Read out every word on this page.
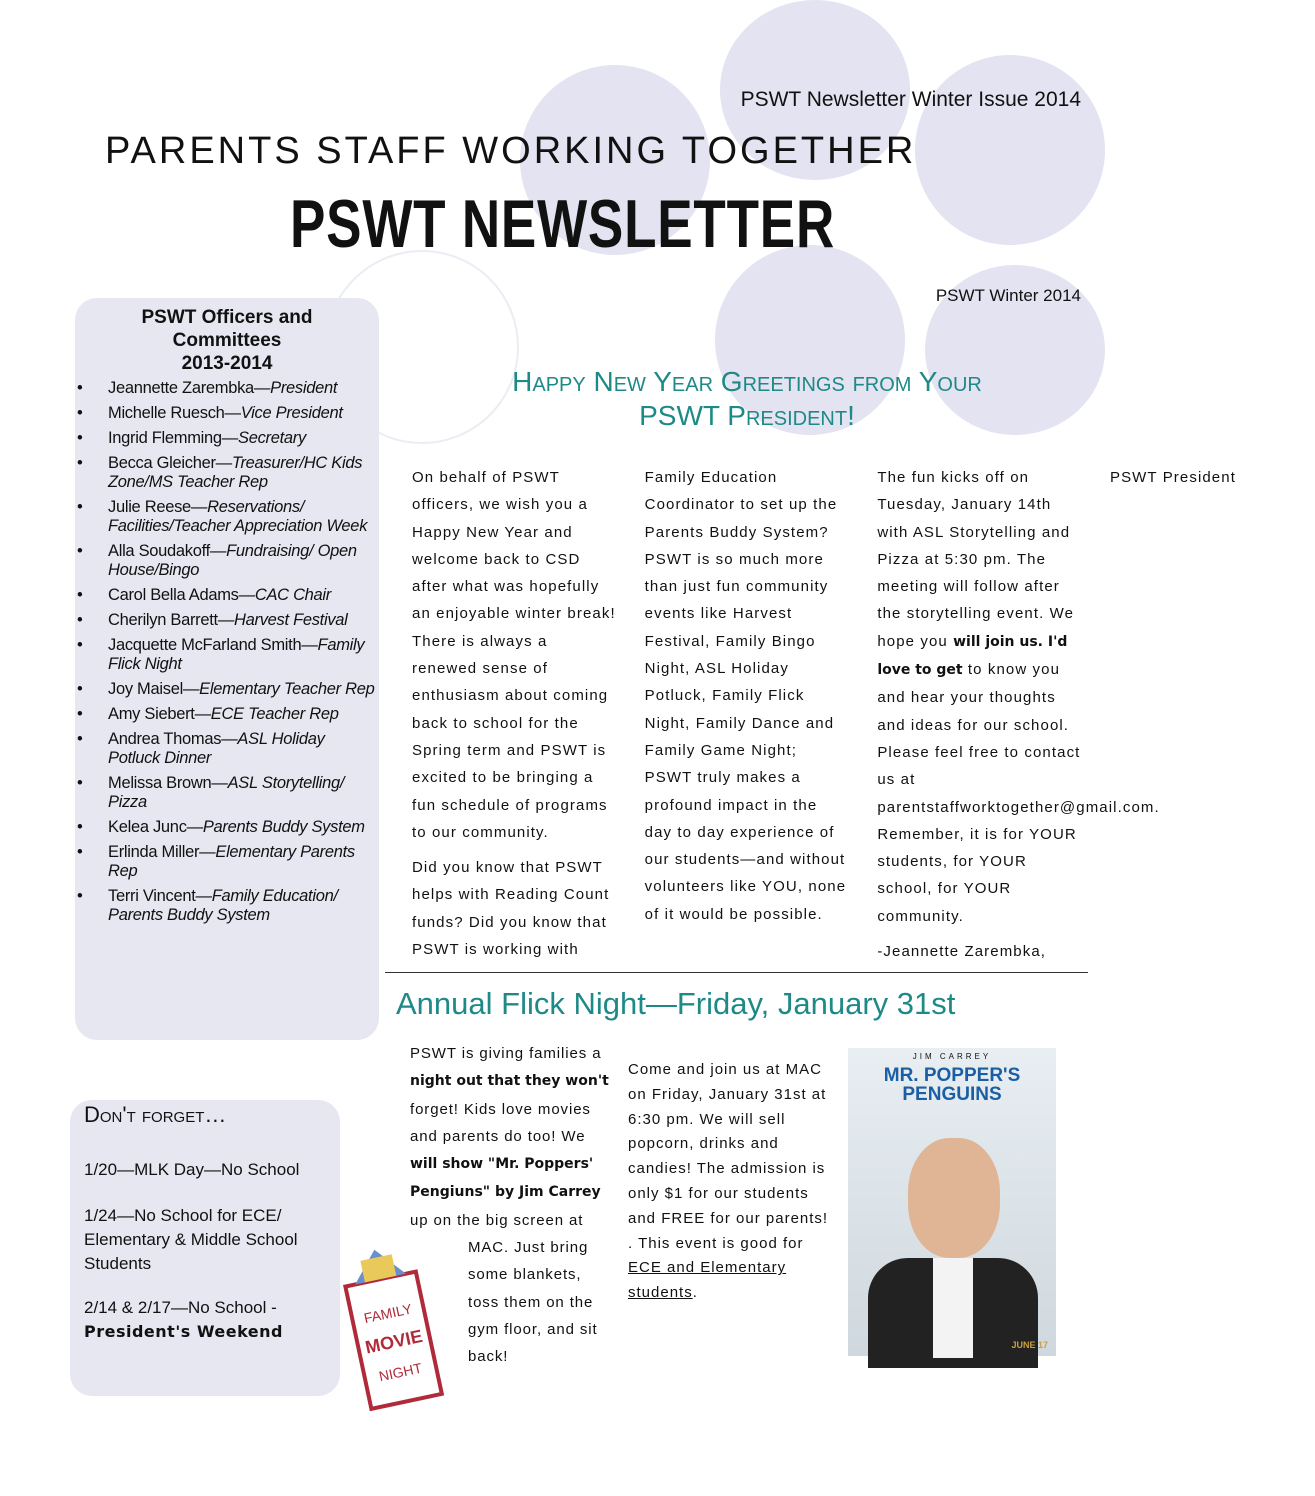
PSWT Newsletter Winter Issue 2014
PARENTS STAFF WORKING TOGETHER
PSWT NEWSLETTER
PSWT Winter 2014
PSWT Officers and
Committees
2013-2014
• Jeannette Zarembka—President
• Michelle Ruesch—Vice President
• Ingrid Flemming—Secretary
• Becca Gleicher—Treasurer/HC Kids Zone/MS Teacher Rep
• Julie Reese—Reservations/ Facilities/Teacher Appreciation Week
• Alla Soudakoff—Fundraising/ Open House/Bingo
• Carol Bella Adams—CAC Chair
• Cherilyn Barrett—Harvest Festival
• Jacquette McFarland Smith—Family Flick Night
• Joy Maisel—Elementary Teacher Rep
• Amy Siebert—ECE Teacher Rep
• Andrea Thomas—ASL Holiday Potluck Dinner
• Melissa Brown—ASL Storytelling/ Pizza
• Kelea Junc—Parents Buddy System
• Erlinda Miller—Elementary Parents Rep
• Terri Vincent—Family Education/ Parents Buddy System
Happy New Year Greetings from Your
PSWT President!

On behalf of PSWT officers, we wish you a Happy New Year and welcome back to CSD after what was hopefully an enjoyable winter break! There is always a renewed sense of enthusiasm about coming back to school for the Spring term and PSWT is excited to be bringing a fun schedule of programs to our community.

Did you know that PSWT helps with Reading Count funds? Did you know that PSWT is working with Family Education Coordinator to set up the Parents Buddy System? PSWT is so much more than just fun community events like Harvest Festival, Family Bingo Night, ASL Holiday Potluck, Family Flick Night, Family Dance and Family Game Night; PSWT truly makes a profound impact in the day to day experience of our students—and without volunteers like YOU, none of it would be possible.

The fun kicks off on Tuesday, January 14th with ASL Storytelling and Pizza at 5:30 pm. The meeting will follow after the storytelling event. We hope you will join us. I'd love to get to know you and hear your thoughts and ideas for our school. Please feel free to contact us at parentstaffworktogether@gmail.com. Remember, it is for YOUR students, for YOUR school, for YOUR community.

-Jeannette Zarembka,

PSWT President

Annual Flick Night—Friday, January 31st
PSWT is giving families a night out that they won't forget! Kids love movies and parents do too! We will show "Mr. Poppers' Pengiuns" by Jim Carrey up on the big screen at
MAC. Just bring some blankets, toss them on the gym floor, and sit back!
Come and join us at MAC on Friday, January 31st at 6:30 pm. We will sell popcorn, drinks and candies! The admission is only $1 for our students and FREE for our parents! . This event is good for ECE and Elementary students.
JIM CARREY
MR. POPPER'S PENGUINS
JUNE 17
Don't forget…
1/20—MLK Day—No School
1/24—No School for ECE/ Elementary & Middle School Students
2/14 & 2/17—No School -
President's Weekend
FAMILY
MOVIE
NIGHT
